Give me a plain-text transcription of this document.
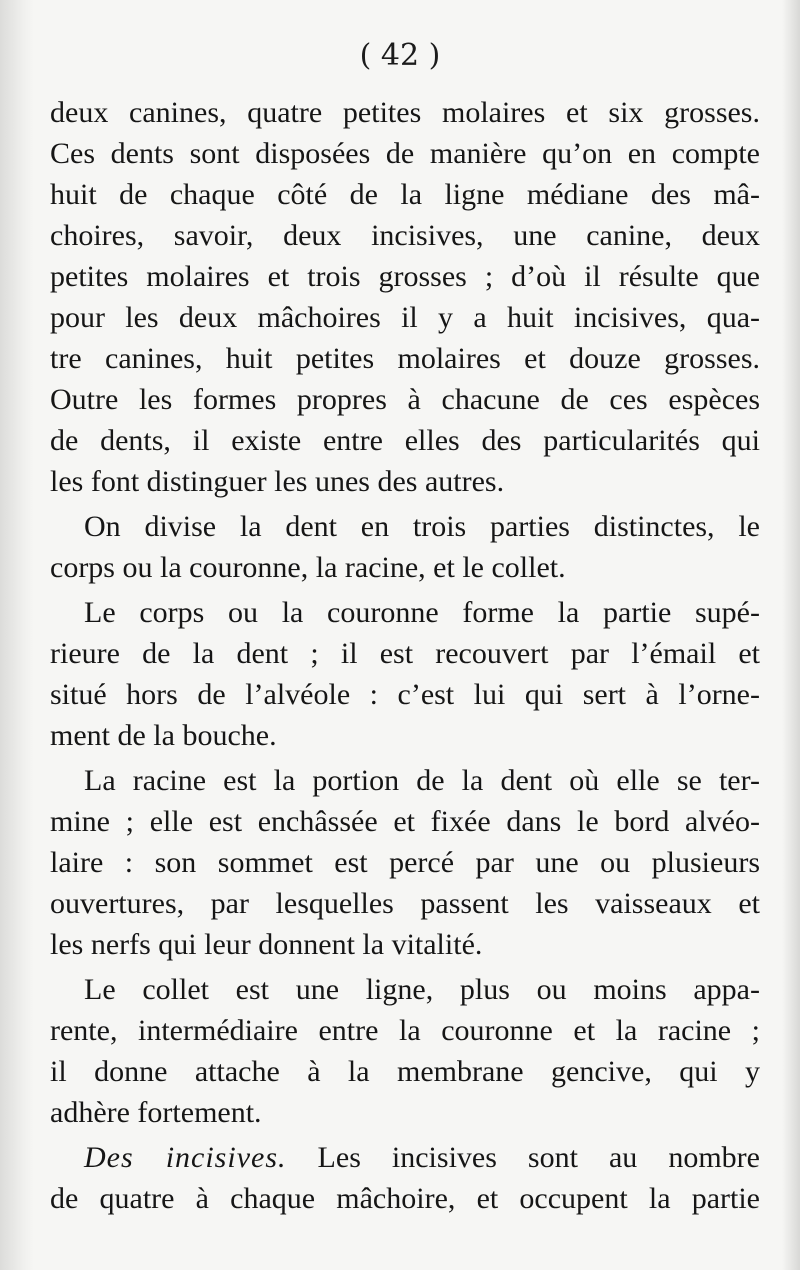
( 42 )
deux canines, quatre petites molaires et six grosses.
Ces dents sont disposées de manière qu’on en compte
huit de chaque côté de la ligne médiane des mâ-
choires, savoir, deux incisives, une canine, deux
petites molaires et trois grosses ; d’où il résulte que
pour les deux mâchoires il y a huit incisives, qua-
tre canines, huit petites molaires et douze grosses.
Outre les formes propres à chacune de ces espèces
de dents, il existe entre elles des particularités qui
les font distinguer les unes des autres.
On divise la dent en trois parties distinctes, le
corps ou la couronne, la racine, et le collet.
Le corps ou la couronne forme la partie supé-
rieure de la dent ; il est recouvert par l’émail et
situé hors de l’alvéole : c’est lui qui sert à l’orne-
ment de la bouche.
La racine est la portion de la dent où elle se ter-
mine ; elle est enchâssée et fixée dans le bord alvéo-
laire : son sommet est percé par une ou plusieurs
ouvertures, par lesquelles passent les vaisseaux et
les nerfs qui leur donnent la vitalité.
Le collet est une ligne, plus ou moins appa-
rente, intermédiaire entre la couronne et la racine ;
il donne attache à la membrane gencive, qui y
adhère fortement.
Des incisives. Les incisives sont au nombre
de quatre à chaque mâchoire, et occupent la partie
